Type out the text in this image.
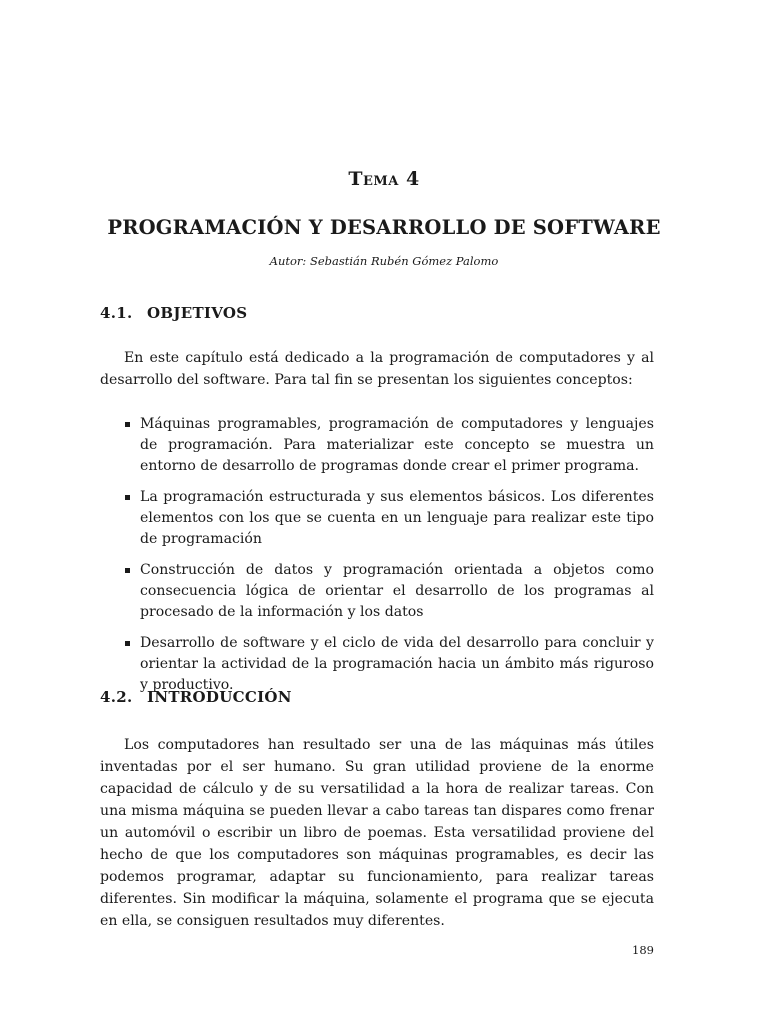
Tema 4
PROGRAMACIÓN Y DESARROLLO DE SOFTWARE
Autor: Sebastián Rubén Gómez Palomo
4.1. OBJETIVOS

En este capítulo está dedicado a la programación de computadores y al desarrollo del software. Para tal fin se presentan los siguientes conceptos:

Máquinas programables, programación de computadores y lenguajes de programación. Para materializar este concepto se muestra un entorno de desarrollo de programas donde crear el primer programa.
La programación estructurada y sus elementos básicos. Los diferentes elementos con los que se cuenta en un lenguaje para realizar este tipo de programación
Construcción de datos y programación orientada a objetos como consecuencia lógica de orientar el desarrollo de los programas al procesado de la información y los datos
Desarrollo de software y el ciclo de vida del desarrollo para concluir y orientar la actividad de la programación hacia un ámbito más riguroso y productivo.
4.2. INTRODUCCIÓN

Los computadores han resultado ser una de las máquinas más útiles inventadas por el ser humano. Su gran utilidad proviene de la enorme capacidad de cálculo y de su versatilidad a la hora de realizar tareas. Con una misma máquina se pueden llevar a cabo tareas tan dispares como frenar un automóvil o escribir un libro de poemas. Esta versatilidad proviene del hecho de que los computadores son máquinas programables, es decir las podemos programar, adaptar su funcionamiento, para realizar tareas diferentes. Sin modificar la máquina, solamente el programa que se ejecuta en ella, se consiguen resultados muy diferentes.

189
